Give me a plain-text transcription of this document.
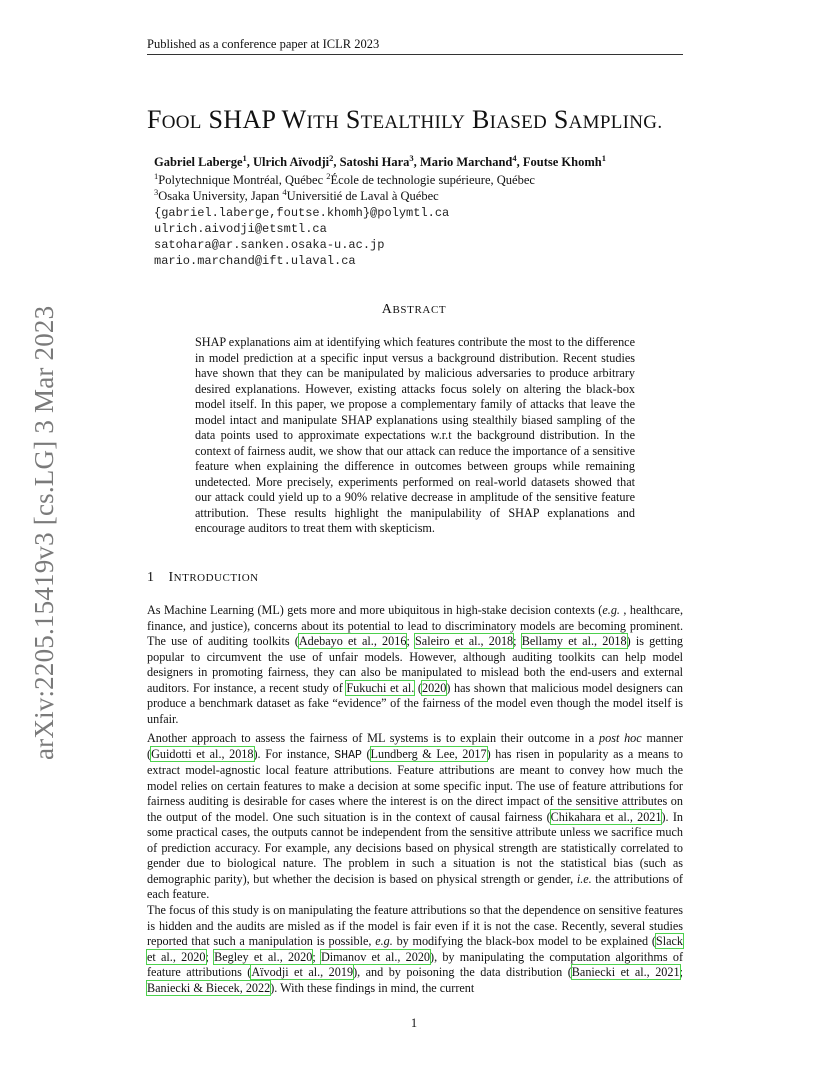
Published as a conference paper at ICLR 2023
arXiv:2205.15419v3 [cs.LG] 3 Mar 2023
FOOL SHAP WITH STEALTHILY BIASED SAMPLING.
Gabriel Laberge$^1$, Ulrich Aïvodji$^2$, Satoshi Hara$^3$, Mario Marchand$^4$, Foutse Khomh$^1$
$^1$Polytechnique Montréal, Québec $^2$École de technologie supérieure, Québec
$^3$Osaka University, Japan $^4$Universitié de Laval à Québec
{gabriel.laberge,foutse.khomh}@polymtl.ca
ulrich.aivodji@etsmtl.ca
satohara@ar.sanken.osaka-u.ac.jp
mario.marchand@ift.ulaval.ca
ABSTRACT
SHAP explanations aim at identifying which features contribute the most to the difference in model prediction at a specific input versus a background distribution. Recent studies have shown that they can be manipulated by malicious adversaries to produce arbitrary desired explanations. However, existing attacks focus solely on altering the black-box model itself. In this paper, we propose a complementary family of attacks that leave the model intact and manipulate SHAP explanations using stealthily biased sampling of the data points used to approximate expectations w.r.t the background distribution. In the context of fairness audit, we show that our attack can reduce the importance of a sensitive feature when explaining the difference in outcomes between groups while remaining undetected. More precisely, experiments performed on real-world datasets showed that our attack could yield up to a 90% relative decrease in amplitude of the sensitive feature attribution. These results highlight the manipulability of SHAP explanations and encourage auditors to treat them with skepticism.
1 INTRODUCTION
As Machine Learning (ML) gets more and more ubiquitous in high-stake decision contexts (e.g. , healthcare, finance, and justice), concerns about its potential to lead to discriminatory models are becoming prominent. The use of auditing toolkits (Adebayo et al., 2016; Saleiro et al., 2018; Bellamy et al., 2018) is getting popular to circumvent the use of unfair models. However, although auditing toolkits can help model designers in promoting fairness, they can also be manipulated to mislead both the end-users and external auditors. For instance, a recent study of Fukuchi et al. (2020) has shown that malicious model designers can produce a benchmark dataset as fake “evidence” of the fairness of the model even though the model itself is unfair.
Another approach to assess the fairness of ML systems is to explain their outcome in a post hoc manner (Guidotti et al., 2018). For instance, SHAP (Lundberg & Lee, 2017) has risen in popularity as a means to extract model-agnostic local feature attributions. Feature attributions are meant to convey how much the model relies on certain features to make a decision at some specific input. The use of feature attributions for fairness auditing is desirable for cases where the interest is on the direct impact of the sensitive attributes on the output of the model. One such situation is in the context of causal fairness (Chikahara et al., 2021). In some practical cases, the outputs cannot be independent from the sensitive attribute unless we sacrifice much of prediction accuracy. For example, any decisions based on physical strength are statistically correlated to gender due to biological nature. The problem in such a situation is not the statistical bias (such as demographic parity), but whether the decision is based on physical strength or gender, i.e. the attributions of each feature.
The focus of this study is on manipulating the feature attributions so that the dependence on sensitive features is hidden and the audits are misled as if the model is fair even if it is not the case. Recently, several studies reported that such a manipulation is possible, e.g. by modifying the black-box model to be explained (Slack et al., 2020; Begley et al., 2020; Dimanov et al., 2020), by manipulating the computation algorithms of feature attributions (Aïvodji et al., 2019), and by poisoning the data distribution (Baniecki et al., 2021; Baniecki & Biecek, 2022). With these findings in mind, the current
1
